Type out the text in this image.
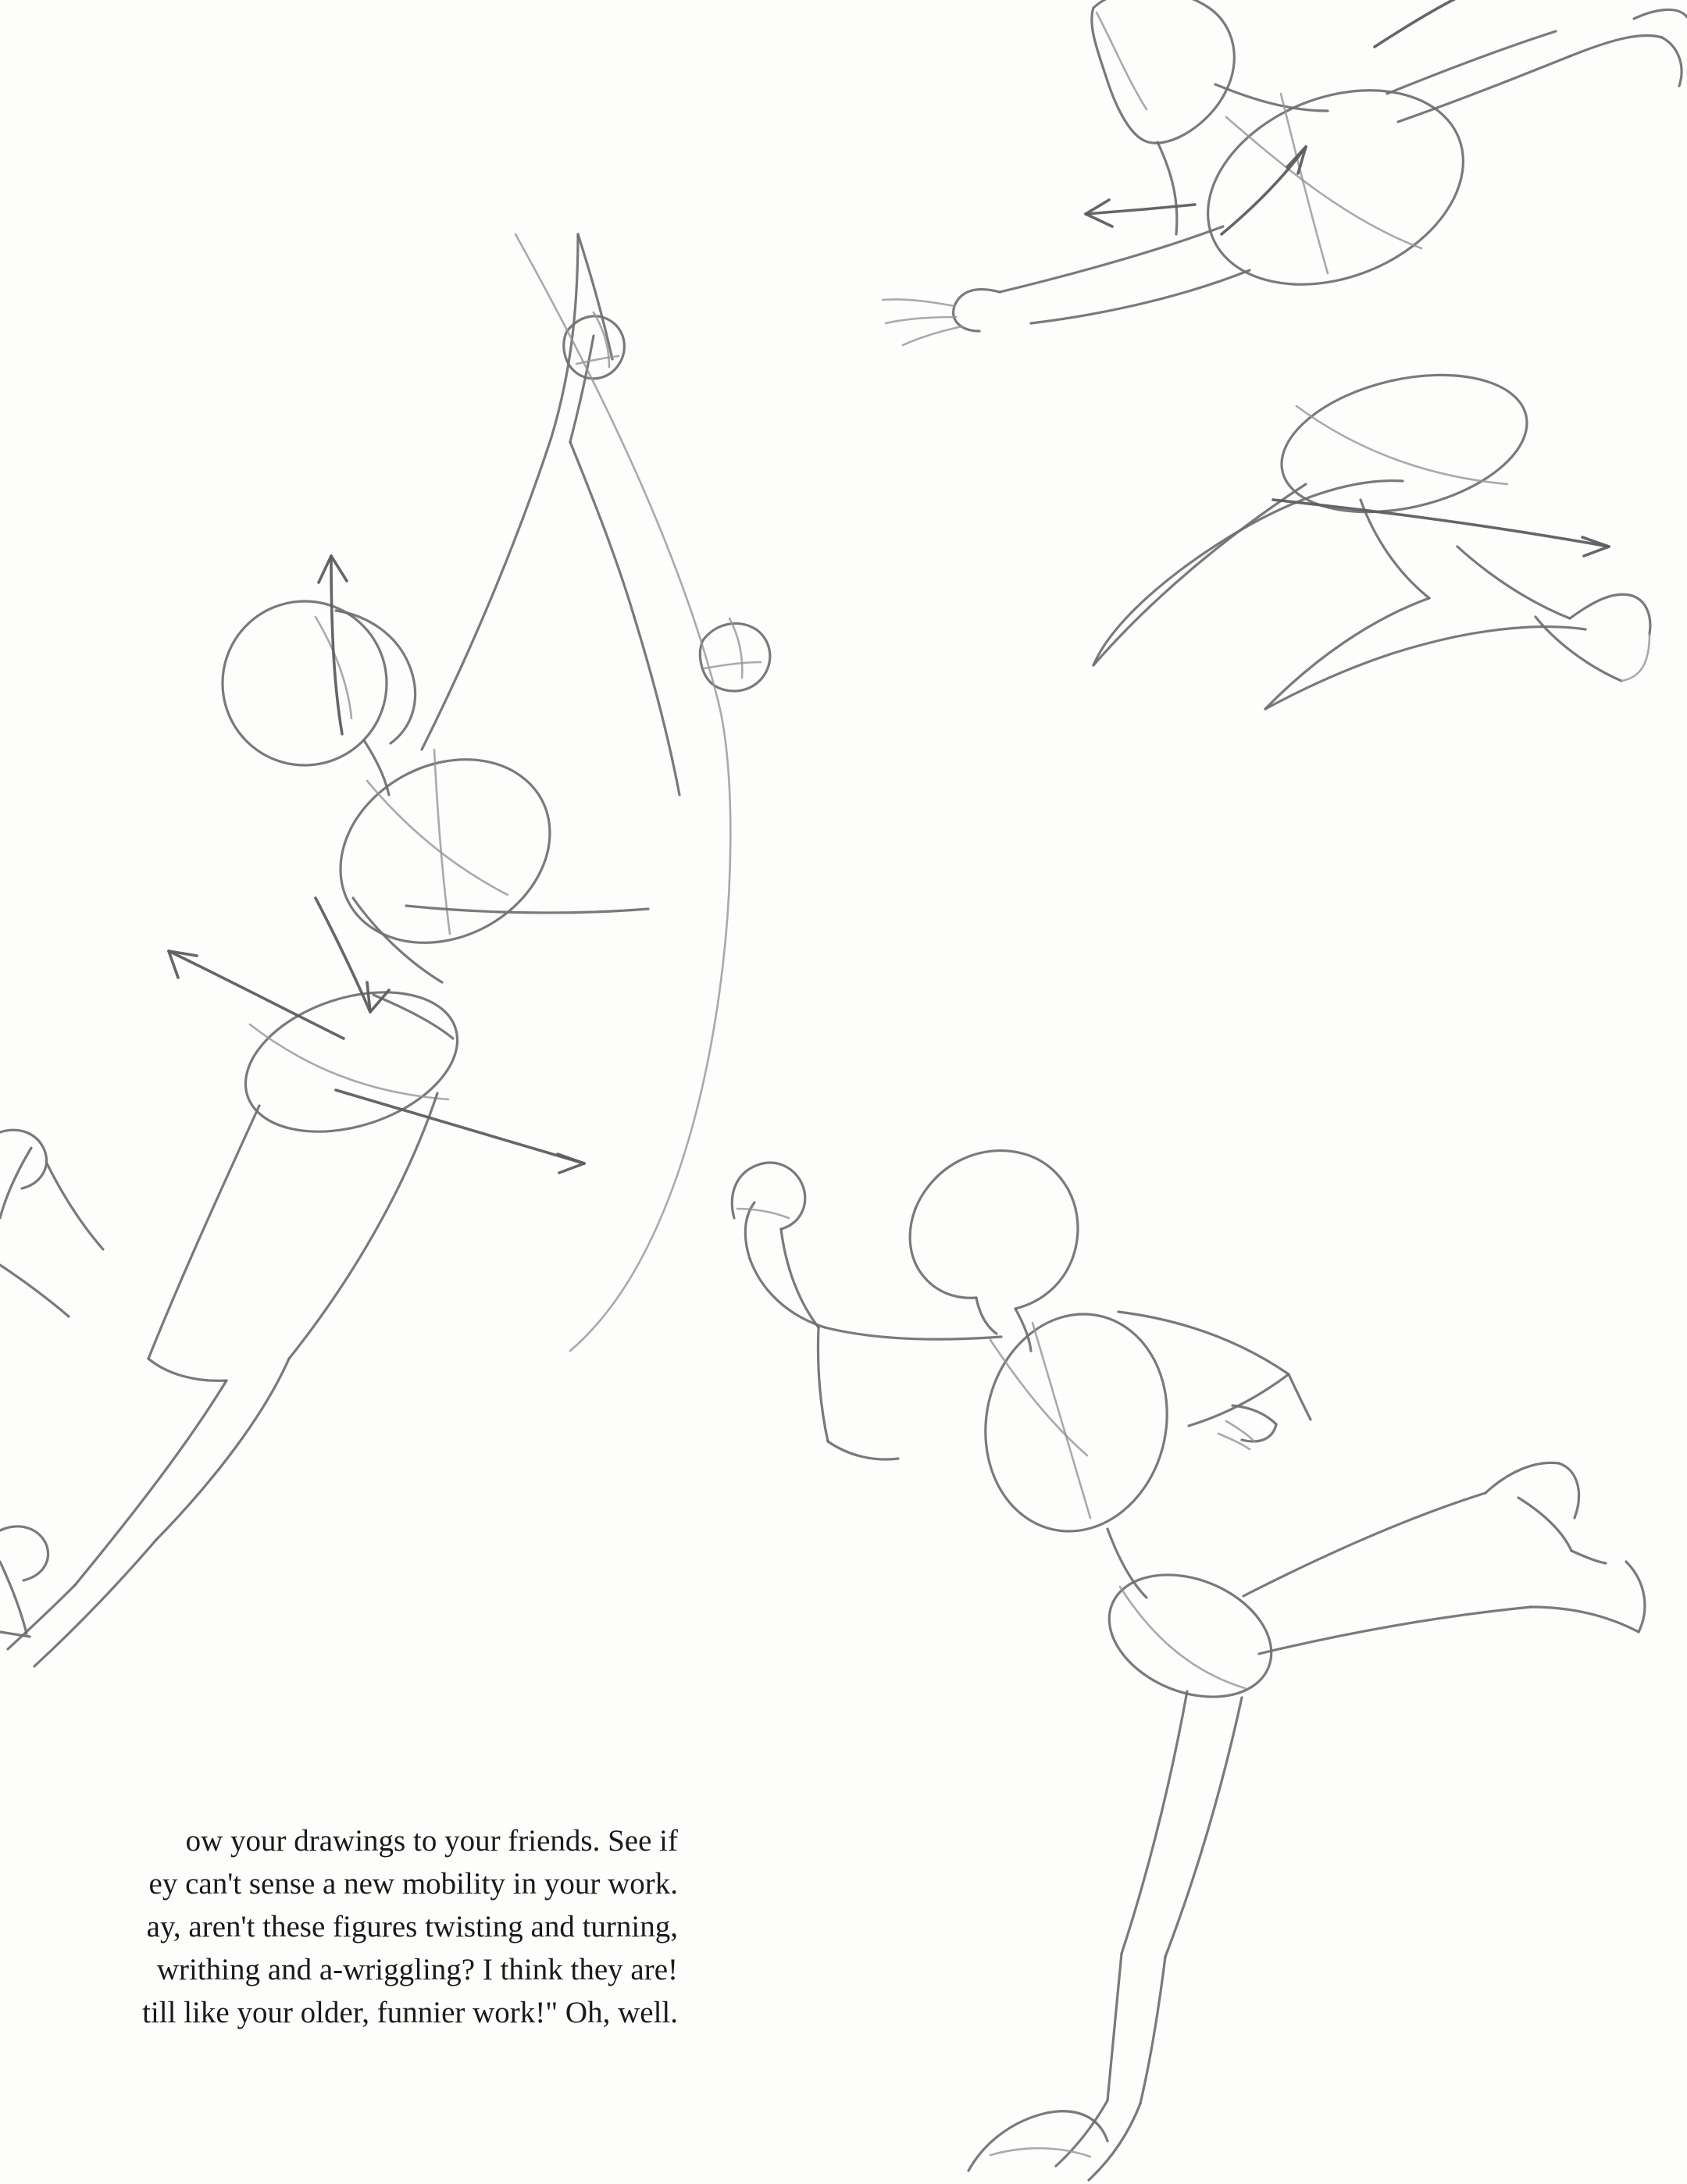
ow your drawings to your friends. See if
ey can't sense a new mobility in your work.
ay, aren't these figures twisting and turning,
writhing and a-wriggling? I think they are!
till like your older, funnier work!" Oh, well.
